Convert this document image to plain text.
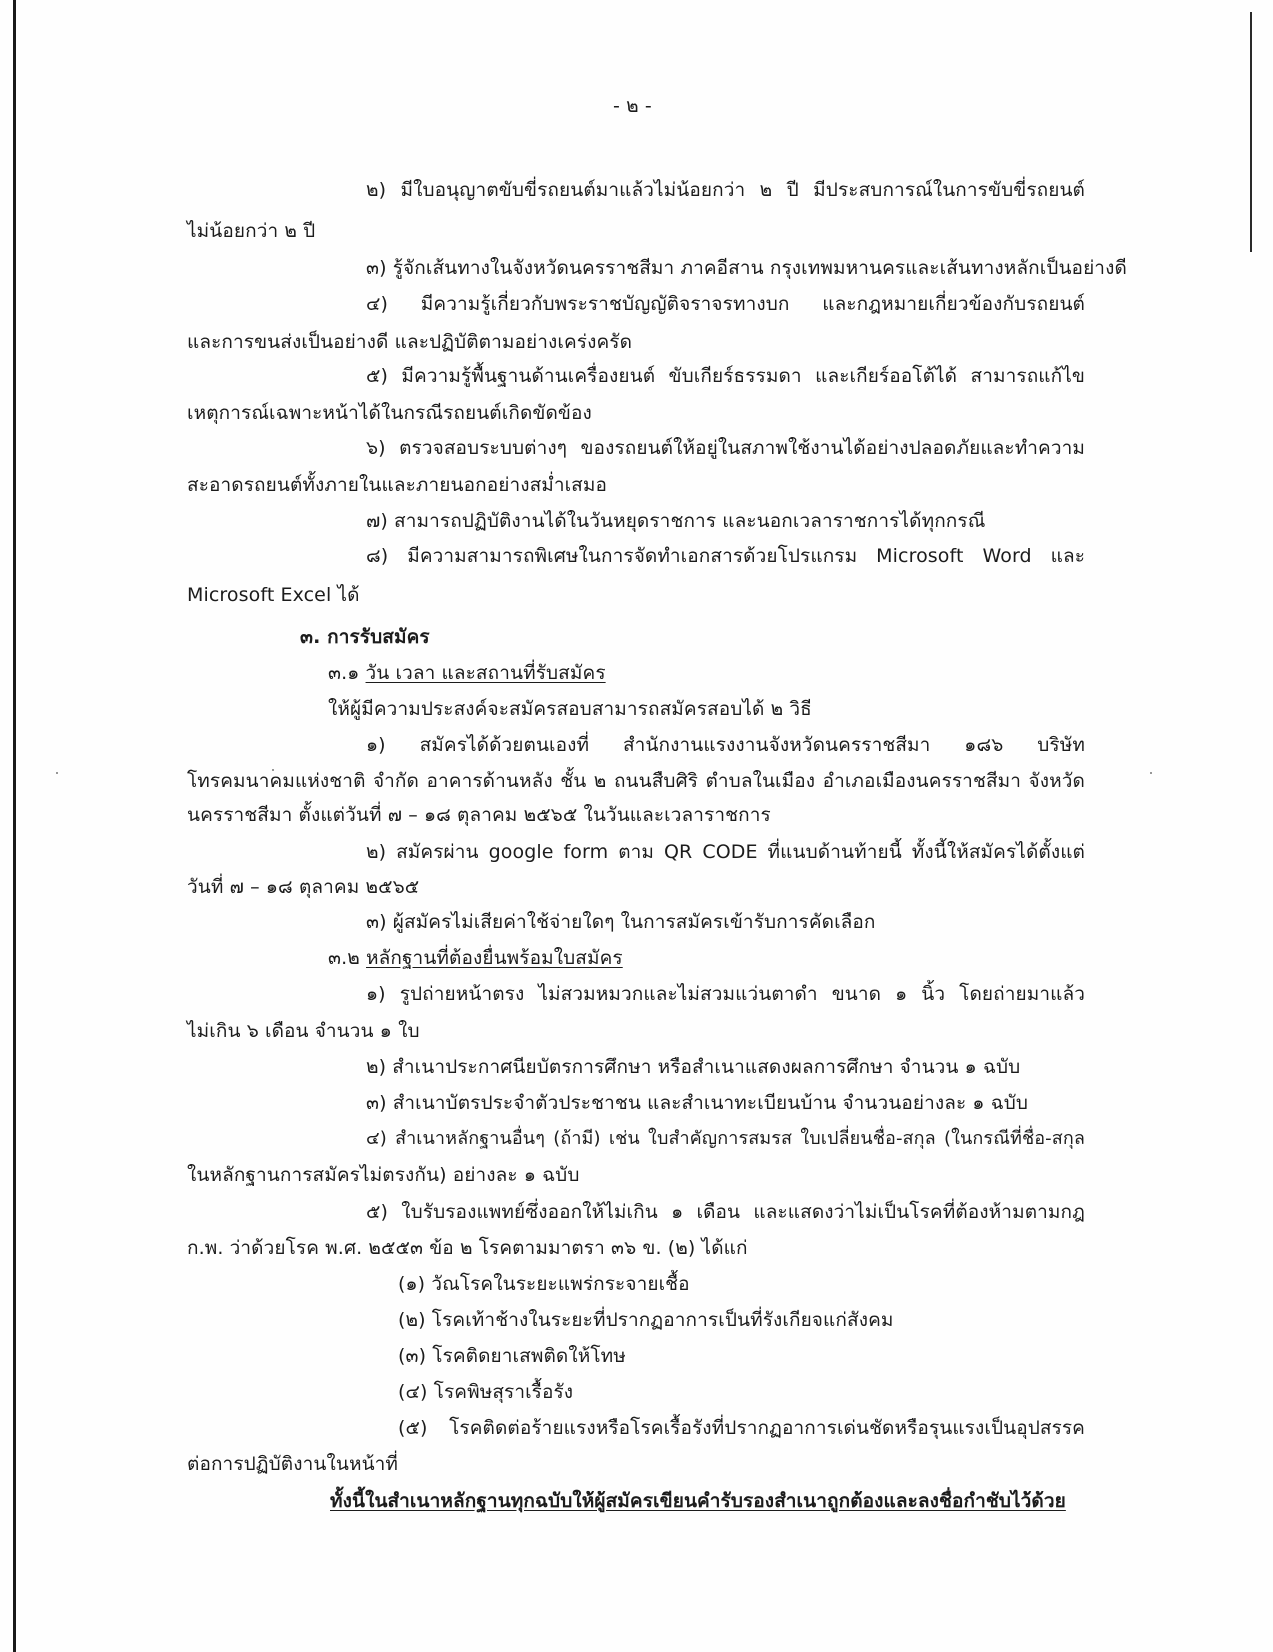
- ๒ -
๒) มีใบอนุญาตขับขี่รถยนต์มาแล้วไม่น้อยกว่า ๒ ปี มีประสบการณ์ในการขับขี่รถยนต์
ไม่น้อยกว่า ๒ ปี
๓) รู้จักเส้นทางในจังหวัดนครราชสีมา ภาคอีสาน กรุงเทพมหานครและเส้นทางหลักเป็นอย่างดี
๔) มีความรู้เกี่ยวกับพระราชบัญญัติจราจรทางบก และกฎหมายเกี่ยวข้องกับรถยนต์
และการขนส่งเป็นอย่างดี และปฏิบัติตามอย่างเคร่งครัด
๕) มีความรู้พื้นฐานด้านเครื่องยนต์ ขับเกียร์ธรรมดา และเกียร์ออโต้ได้ สามารถแก้ไข
เหตุการณ์เฉพาะหน้าได้ในกรณีรถยนต์เกิดขัดข้อง
๖) ตรวจสอบระบบต่างๆ ของรถยนต์ให้อยู่ในสภาพใช้งานได้อย่างปลอดภัยและทำความ
สะอาดรถยนต์ทั้งภายในและภายนอกอย่างสม่ำเสมอ
๗) สามารถปฏิบัติงานได้ในวันหยุดราชการ และนอกเวลาราชการได้ทุกกรณี
๘) มีความสามารถพิเศษในการจัดทำเอกสารด้วยโปรแกรม Microsoft Word และ
Microsoft Excel ได้
๓. การรับสมัคร
๓.๑ วัน เวลา และสถานที่รับสมัคร
ให้ผู้มีความประสงค์จะสมัครสอบสามารถสมัครสอบได้ ๒ วิธี
๑) สมัครได้ด้วยตนเองที่ สำนักงานแรงงานจังหวัดนครราชสีมา ๑๘๖ บริษัท
โทรคมนาคมแห่งชาติ จำกัด อาคารด้านหลัง ชั้น ๒ ถนนสืบศิริ ตำบลในเมือง อำเภอเมืองนครราชสีมา จังหวัด
นครราชสีมา ตั้งแต่วันที่ ๗ – ๑๘ ตุลาคม ๒๕๖๕ ในวันและเวลาราชการ
๒) สมัครผ่าน google form ตาม QR CODE ที่แนบด้านท้ายนี้ ทั้งนี้ให้สมัครได้ตั้งแต่
วันที่ ๗ – ๑๘ ตุลาคม ๒๕๖๕
๓) ผู้สมัครไม่เสียค่าใช้จ่ายใดๆ ในการสมัครเข้ารับการคัดเลือก
๓.๒ หลักฐานที่ต้องยื่นพร้อมใบสมัคร
๑) รูปถ่ายหน้าตรง ไม่สวมหมวกและไม่สวมแว่นตาดำ ขนาด ๑ นิ้ว โดยถ่ายมาแล้ว
ไม่เกิน ๖ เดือน จำนวน ๑ ใบ
๒) สำเนาประกาศนียบัตรการศึกษา หรือสำเนาแสดงผลการศึกษา จำนวน ๑ ฉบับ
๓) สำเนาบัตรประจำตัวประชาชน และสำเนาทะเบียนบ้าน จำนวนอย่างละ ๑ ฉบับ
๔) สำเนาหลักฐานอื่นๆ (ถ้ามี) เช่น ใบสำคัญการสมรส ใบเปลี่ยนชื่อ-สกุล (ในกรณีที่ชื่อ-สกุล
ในหลักฐานการสมัครไม่ตรงกัน) อย่างละ ๑ ฉบับ
๕) ใบรับรองแพทย์ซึ่งออกให้ไม่เกิน ๑ เดือน และแสดงว่าไม่เป็นโรคที่ต้องห้ามตามกฎ
ก.พ. ว่าด้วยโรค พ.ศ. ๒๕๕๓ ข้อ ๒ โรคตามมาตรา ๓๖ ข. (๒) ได้แก่
(๑) วัณโรคในระยะแพร่กระจายเชื้อ
(๒) โรคเท้าช้างในระยะที่ปรากฏอาการเป็นที่รังเกียจแก่สังคม
(๓) โรคติดยาเสพติดให้โทษ
(๔) โรคพิษสุราเรื้อรัง
(๕) โรคติดต่อร้ายแรงหรือโรคเรื้อรังที่ปรากฏอาการเด่นชัดหรือรุนแรงเป็นอุปสรรค
ต่อการปฏิบัติงานในหน้าที่
ทั้งนี้ในสำเนาหลักฐานทุกฉบับให้ผู้สมัครเขียนคำรับรองสำเนาถูกต้องและลงชื่อกำชับไว้ด้วย
